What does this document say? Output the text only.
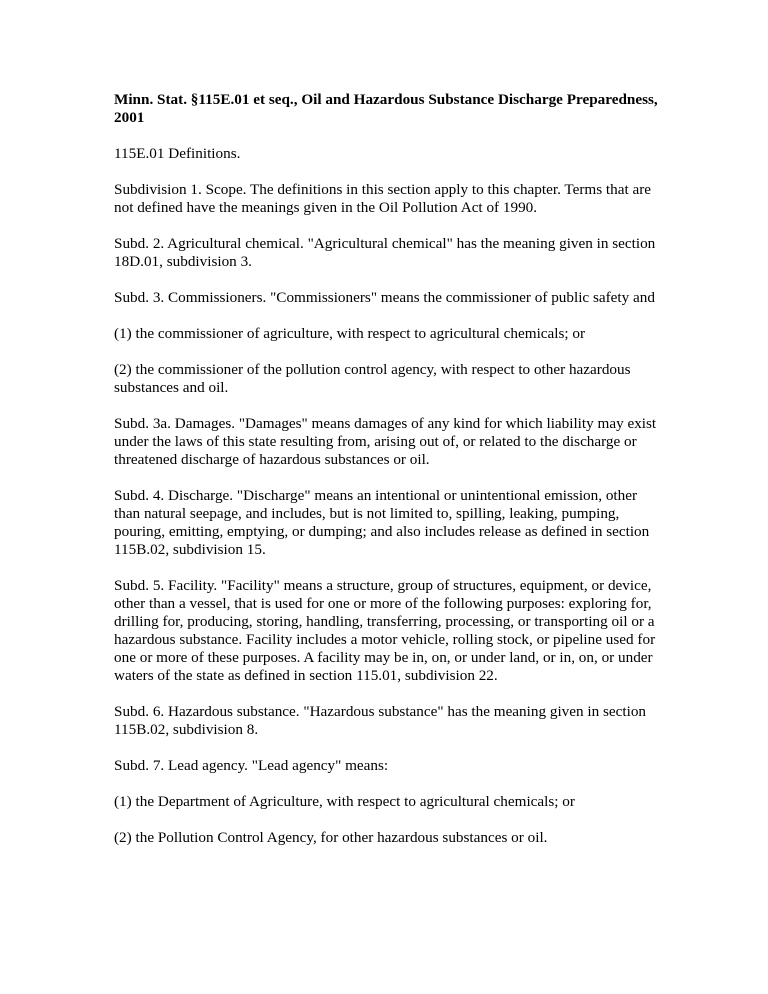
Minn. Stat. §115E.01 et seq., Oil and Hazardous Substance Discharge Preparedness, 2001
115E.01 Definitions.
Subdivision 1. Scope. The definitions in this section apply to this chapter. Terms that are not defined have the meanings given in the Oil Pollution Act of 1990.
Subd. 2. Agricultural chemical. "Agricultural chemical" has the meaning given in section 18D.01, subdivision 3.
Subd. 3. Commissioners. "Commissioners" means the commissioner of public safety and
(1) the commissioner of agriculture, with respect to agricultural chemicals; or
(2) the commissioner of the pollution control agency, with respect to other hazardous substances and oil.
Subd. 3a. Damages. "Damages" means damages of any kind for which liability may exist under the laws of this state resulting from, arising out of, or related to the discharge or threatened discharge of hazardous substances or oil.
Subd. 4. Discharge. "Discharge" means an intentional or unintentional emission, other than natural seepage, and includes, but is not limited to, spilling, leaking, pumping, pouring, emitting, emptying, or dumping; and also includes release as defined in section 115B.02, subdivision 15.
Subd. 5. Facility. "Facility" means a structure, group of structures, equipment, or device, other than a vessel, that is used for one or more of the following purposes: exploring for, drilling for, producing, storing, handling, transferring, processing, or transporting oil or a hazardous substance. Facility includes a motor vehicle, rolling stock, or pipeline used for one or more of these purposes. A facility may be in, on, or under land, or in, on, or under waters of the state as defined in section 115.01, subdivision 22.
Subd. 6. Hazardous substance. "Hazardous substance" has the meaning given in section 115B.02, subdivision 8.
Subd. 7. Lead agency. "Lead agency" means:
(1) the Department of Agriculture, with respect to agricultural chemicals; or
(2) the Pollution Control Agency, for other hazardous substances or oil.
